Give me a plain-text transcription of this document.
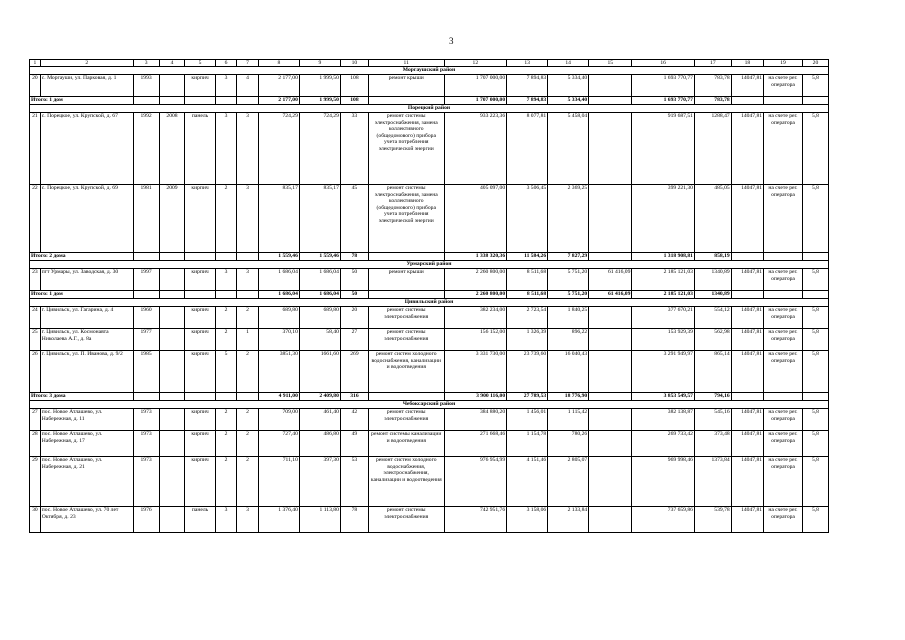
3
1	2	3	4	5	6	7	8	9	10	11	12	13	14	15	16	17	18	19	20
Моргаушский район																			
20	с. Моргауши, ул. Парковая, д. 1	1993		кирпич	3	4	2 177,00	1 999,50	108	ремонт крыши	1 707 000,00	7 894,83	5 334,40		1 693 770,77	783,78	14047,81	на счете рег. оператора	5,8
Итого: 1 дом							2 177,00	1 999,50	108		1 707 000,00	7 894,83	5 334,40		1 693 770,77	783,78			
Порецкий район																			
21	с. Порецкое, ул. Крупской, д. 67	1992	2008	панель	3	3	724,29	724,29	33	ремонт системы электроснабжения, замена коллективного (общедомового) прибора учета потребления электрической энергии	933 223,36	8 077,81	5 458,04		919 687,51	1288,47	14047,81	на счете рег. оператора	5,8
22	с. Порецкое, ул. Крупской, д. 69	1981	2009	кирпич	2	3	835,17	835,17	45	ремонт системы электроснабжения, замена коллективного (общедомового) прибора учета потребления электрической энергии	405 097,00	3 506,45	2 369,25		399 221,30	485,05	14047,81	на счете рег. оператора	5,8
Итого: 2 дома							1 559,46	1 559,46	78		1 338 320,36	11 584,26	7 827,29		1 318 908,81	858,19			
Урмарский район																			
23	пгт Урмары, ул. Заводская, д. 30	1997		кирпич	3	3	1 686,04	1 686,04	50	ремонт крыши	2 260 800,00	8 511,68	5 751,20	61 416,09	2 185 121,03	1340,89	14047,81	на счете рег. оператора	5,8
Итого: 1 дом							1 686,04	1 686,04	50		2 260 800,00	8 511,68	5 751,20	61 416,09	2 185 121,03	1340,89			
Цивильский район																			
24	г. Цивильск, ул. Гагарина, д. 4	1960		кирпич	2	2	689,80	689,80	20	ремонт системы электроснабжения	382 234,00	2 723,54	1 840,25		377 670,21	554,12	14047,81	на счете рег. оператора	5,8
25	г. Цивильск, ул. Космонавта Николаева А.Г., д. 8а	1977		кирпич	2	1	370,10	58,40	27	ремонт системы электроснабжения	156 152,00	1 326,39	896,22		153 929,39	562,98	14047,81	на счете рег. оператора	5,8
26	г. Цивильск, ул. П. Иванова, д. 9/2	1985		кирпич	5	2	3851,30	1661,60	269	ремонт систем холодного водоснабжения, канализации и водоотведения	3 331 730,00	23 739,60	16 040,43		3 291 949,97	865,14	14047,81	на счете рег. оператора	5,8
Итого: 3 дома							4 911,00	2 409,80	316		3 900 116,00	27 789,53	18 776,90		3 853 549,57	794,16			
Чебоксарский район																			
27	пос. Новое Атлашево, ул. Набережная, д. 11	1973		кирпич	2	2	709,00	461,40	42	ремонт системы электроснабжения	384 880,20	1 456,01	1 115,42		382 138,87	545,16	14047,81	на счете рег. оператора	5,8
28	пос. Новое Атлашево, ул. Набережная, д. 17	1973		кирпич	2	2	727,40	486,80	49	ремонт системы канализации и водоотведения	271 668,46	1 154,78	780,26		269 733,42	373,48	14047,81	на счете рег. оператора	5,8
29	пос. Новое Атлашево, ул. Набережная, д. 21	1973		кирпич	2	2	711,10	397,30	53	ремонт систем холодного водоснабжения, электроснабжения, канализации и водоотведения	976 954,99	4 151,46	2 805,07		969 998,46	1373,84	14047,81	на счете рег. оператора	5,8
30	пос. Новое Атлашево, ул. 70 лет Октября, д. 23	1976		панель	3	3	1 376,40	1 113,80	78	ремонт системы электроснабжения	742 951,76	3 158,06	2 133,84		737 659,86	539,78	14047,81	на счете рег. оператора	5,8
